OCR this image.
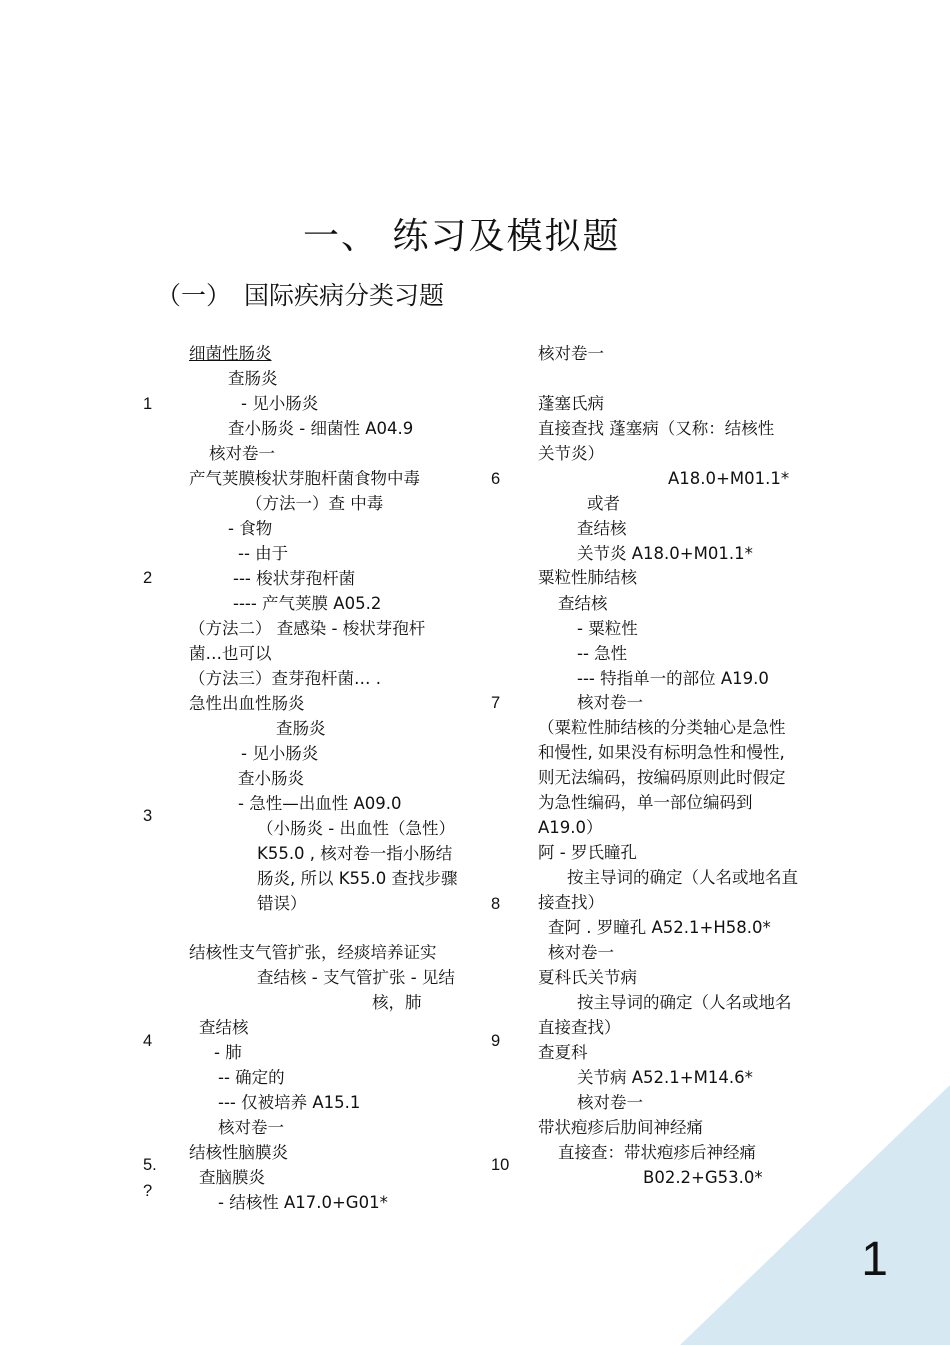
一、 练习及模拟题
（一） 国际疾病分类习题
1
2
3
4
5.
?
6
7
8
9
10
细菌性肠炎
查肠炎
- 见小肠炎
查小肠炎 - 细菌性 A04.9
核对卷一
产气荚膜梭状芽胞杆菌食物中毒
（方法一）查 中毒
- 食物
-- 由于
--- 梭状芽孢杆菌
---- 产气荚膜 A05.2
（方法二） 查感染 - 梭状芽孢杆
菌…也可以
（方法三）查芽孢杆菌… .
急性出血性肠炎
查肠炎
- 见小肠炎
查小肠炎
- 急性—出血性 A09.0
（小肠炎 - 出血性（急性）
K55.0 , 核对卷一指小肠结
肠炎, 所以 K55.0 查找步骤
错误）
结核性支气管扩张，经痰培养证实
查结核 - 支气管扩张 - 见结
核，肺
查结核
- 肺
-- 确定的
--- 仅被培养 A15.1
核对卷一
结核性脑膜炎
查脑膜炎
- 结核性 A17.0+G01*
核对卷一
蓬塞氏病
直接查找 蓬塞病（又称：结核性
关节炎）
A18.0+M01.1*
或者
查结核
关节炎 A18.0+M01.1*
粟粒性肺结核
查结核
- 粟粒性
-- 急性
--- 特指单一的部位 A19.0
核对卷一
（粟粒性肺结核的分类轴心是急性
和慢性, 如果没有标明急性和慢性,
则无法编码，按编码原则此时假定
为急性编码，单一部位编码到
A19.0）
阿 - 罗氏瞳孔
按主导词的确定（人名或地名直
接查找）
查阿 . 罗瞳孔 A52.1+H58.0*
核对卷一
夏科氏关节病
按主导词的确定（人名或地名
直接查找）
查夏科
关节病 A52.1+M14.6*
核对卷一
带状疱疹后肋间神经痛
直接查：带状疱疹后神经痛
B02.2+G53.0*
1
